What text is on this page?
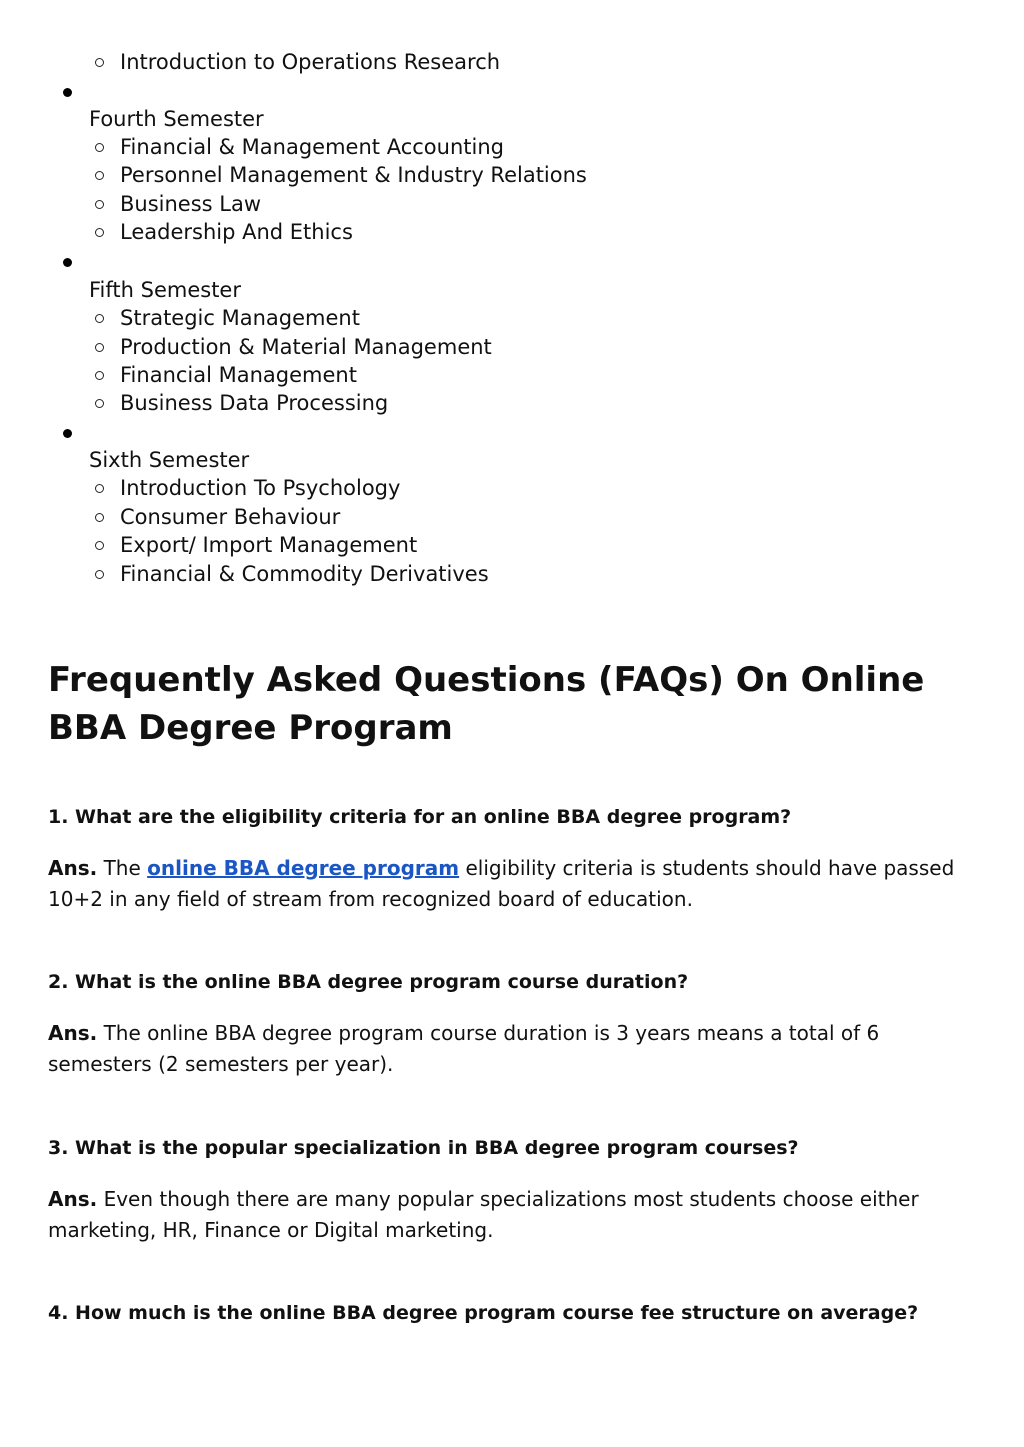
Introduction to Operations Research
Fourth Semester
Financial & Management Accounting
Personnel Management & Industry Relations
Business Law
Leadership And Ethics
Fifth Semester
Strategic Management
Production & Material Management
Financial Management
Business Data Processing
Sixth Semester
Introduction To Psychology
Consumer Behaviour
Export/ Import Management
Financial & Commodity Derivatives
Frequently Asked Questions (FAQs) On Online BBA Degree Program

1. What are the eligibility criteria for an online BBA degree program?

Ans. The online BBA degree program eligibility criteria is students should have passed 10+2 in any field of stream from recognized board of education.

2. What is the online BBA degree program course duration?

Ans. The online BBA degree program course duration is 3 years means a total of 6 semesters (2 semesters per year).

3. What is the popular specialization in BBA degree program courses?

Ans. Even though there are many popular specializations most students choose either marketing, HR, Finance or Digital marketing.

4. How much is the online BBA degree program course fee structure on average?
